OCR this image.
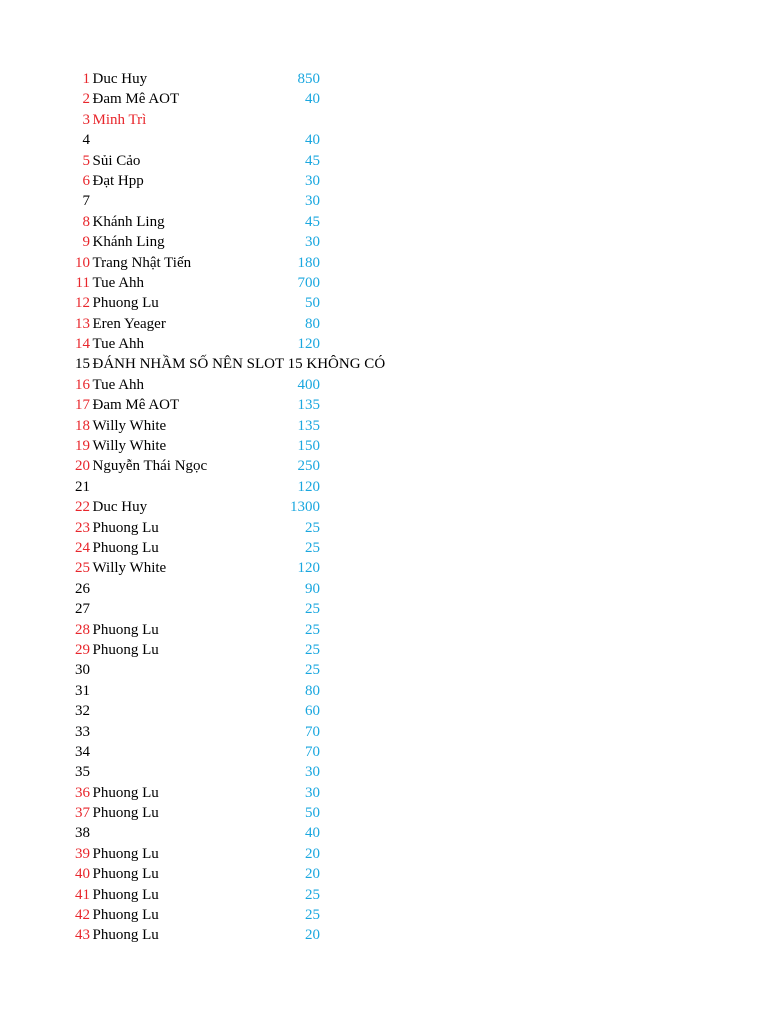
1 Duc Huy	850
2 Đam Mê AOT	40
3 Minh Trì
4	40
5 Sủi Cảo	45
6 Đạt Hpp	30
7	30
8 Khánh Ling	45
9 Khánh Ling	30
10 Trang Nhật Tiến	180
11 Tue Ahh	700
12 Phuong Lu	50
13 Eren Yeager	80
14 Tue Ahh	120
15 ĐÁNH NHẦM SỐ NÊN SLOT 15 KHÔNG CÓ
16 Tue Ahh	400
17 Đam Mê AOT	135
18 Willy White	135
19 Willy White	150
20 Nguyễn Thái Ngọc	250
21	120
22 Duc Huy	1300
23 Phuong Lu	25
24 Phuong Lu	25
25 Willy White	120
26	90
27	25
28 Phuong Lu	25
29 Phuong Lu	25
30	25
31	80
32	60
33	70
34	70
35	30
36 Phuong Lu	30
37 Phuong Lu	50
38	40
39 Phuong Lu	20
40 Phuong Lu	20
41 Phuong Lu	25
42 Phuong Lu	25
43 Phuong Lu	20
